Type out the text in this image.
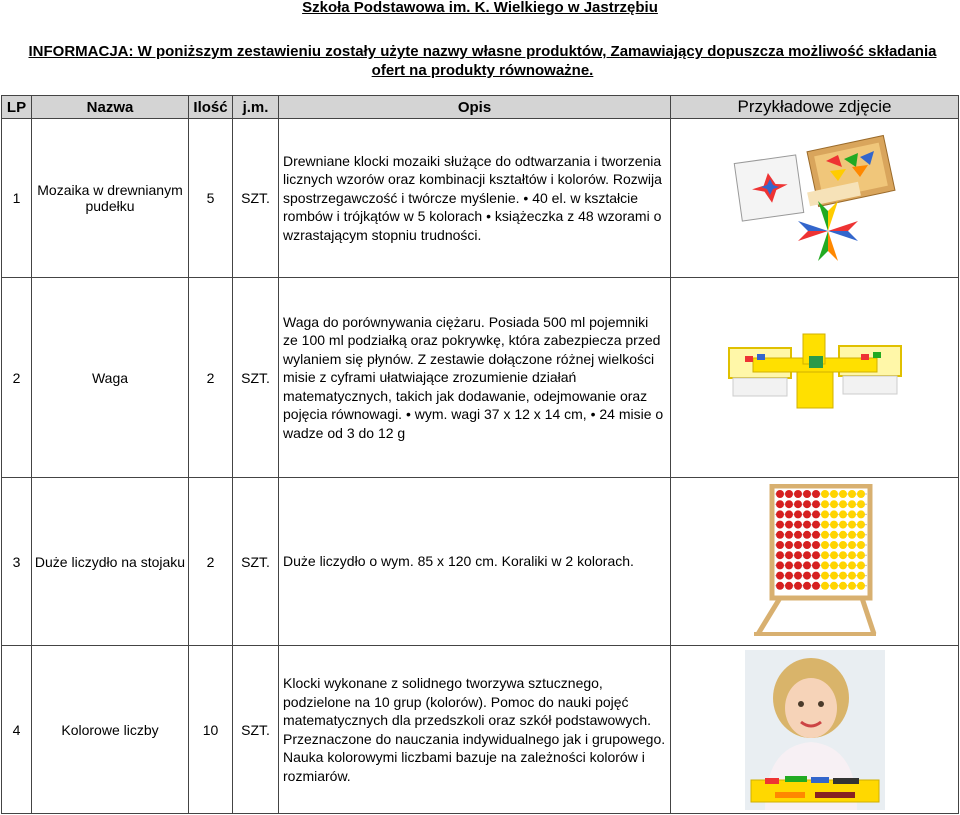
Szkoła Podstawowa im. K. Wielkiego w Jastrzębiu
INFORMACJA: W poniższym zestawieniu zostały użyte nazwy własne produktów, Zamawiający dopuszcza możliwość składania ofert na produkty równoważne.
LP	Nazwa	Ilość	j.m.	Opis	Przykładowe zdjęcie
1	Mozaika w drewnianym pudełku	5	SZT.	Drewniane klocki mozaiki służące do odtwarzania i tworzenia licznych wzorów oraz kombinacji kształtów i kolorów. Rozwija spostrzegawczość i twórcze myślenie. • 40 el. w kształcie rombów i trójkątów w 5 kolorach • książeczka z 48 wzorami o wzrastającym stopniu trudności.	

2	Waga	2	SZT.	Waga do porównywania ciężaru. Posiada 500 ml pojemniki ze 100 ml podziałką oraz pokrywkę, która zabezpiecza przed wylaniem się płynów. Z zestawie dołączone różnej wielkości misie z cyframi ułatwiające zrozumienie działań matematycznych, takich jak dodawanie, odejmowanie oraz pojęcia równowagi. • wym. wagi 37 x 12 x 14 cm, • 24 misie o wadze od 3 do 12 g	

3	Duże liczydło na stojaku	2	SZT.	Duże liczydło o wym. 85 x 120 cm. Koraliki w 2 kolorach.	

4	Kolorowe liczby	10	SZT.	Klocki wykonane z solidnego tworzywa sztucznego, podzielone na 10 grup (kolorów). Pomoc do nauki pojęć matematycznych dla przedszkoli oraz szkół podstawowych. Przeznaczone do nauczania indywidualnego jak i grupowego. Nauka kolorowymi liczbami bazuje na zależności kolorów i rozmiarów.	
